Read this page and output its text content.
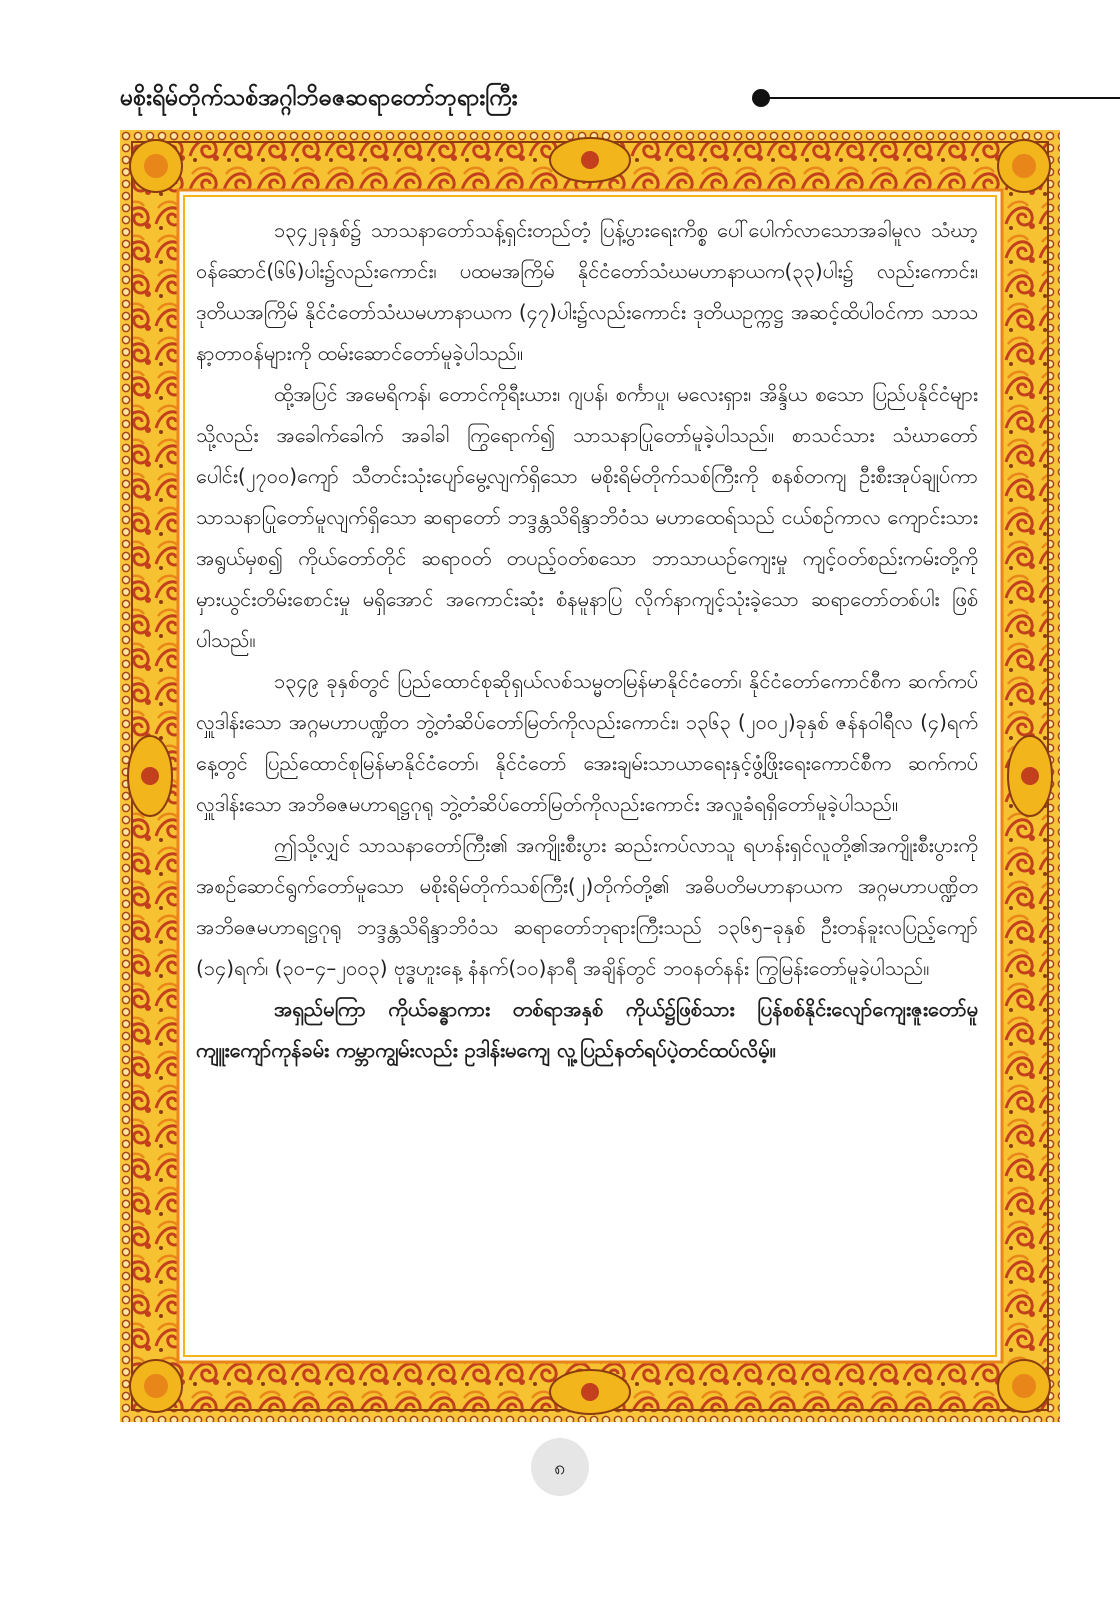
မစိုးရိမ်တိုက်သစ်အဂ္ဂါဘိဓဇဆရာတော်ဘုရားကြီး

၁၃၄၂ခုနှစ်၌ သာသနာတော်သန့်ရှင်းတည်တံ့ ပြန့်ပွားရေးကိစ္စ ပေါ်ပေါက်လာသောအခါမူလ သံဃာ့ဝန်ဆောင်(၆၆)ပါး၌လည်းကောင်း၊ ပထမအကြိမ် နိုင်ငံတော်သံဃမဟာနာယက(၃၃)ပါး၌ လည်းကောင်း၊ ဒုတိယအကြိမ် နိုင်ငံတော်သံဃမဟာနာယက (၄၇)ပါး၌လည်းကောင်း ဒုတိယဥက္ကဋ္ဌ အဆင့်ထိပါဝင်ကာ သာသနာ့တာဝန်များကို ထမ်းဆောင်တော်မူခဲ့ပါသည်။

ထို့အပြင် အမေရိကန်၊ တောင်ကိုရီးယား၊ ဂျပန်၊ စင်္ကာပူ၊ မလေးရှား၊ အိန္ဒိယ စသော ပြည်ပနိုင်ငံများသို့လည်း အခေါက်ခေါက် အခါခါ ကြွရောက်၍ သာသနာပြုတော်မူခဲ့ပါသည်။ စာသင်သား သံဃာတော်ပေါင်း(၂၇၀၀)ကျော် သီတင်းသုံးပျော်မွေ့လျက်ရှိသော မစိုးရိမ်တိုက်သစ်ကြီးကို စနစ်တကျ ဦးစီးအုပ်ချုပ်ကာ သာသနာပြုတော်မူလျက်ရှိသော ဆရာတော် ဘဒ္ဒန္တသိရိန္ဒာဘိဝံသ မဟာထေရ်သည် ငယ်စဉ်ကာလ ကျောင်းသားအရွယ်မှစ၍ ကိုယ်တော်တိုင် ဆရာဝတ် တပည့်ဝတ်စသော ဘာသာယဉ်ကျေးမှု ကျင့်ဝတ်စည်းကမ်းတို့ကို မှားယွင်းတိမ်းစောင်းမှု မရှိအောင် အကောင်းဆုံး စံနမူနာပြ လိုက်နာကျင့်သုံးခဲ့သော ဆရာတော်တစ်ပါး ဖြစ်ပါသည်။

၁၃၄၉ ခုနှစ်တွင် ပြည်ထောင်စုဆိုရှယ်လစ်သမ္မတမြန်မာနိုင်ငံတော်၊ နိုင်ငံတော်ကောင်စီက ဆက်ကပ်လှူဒါန်းသော အဂ္ဂမဟာပဏ္ဍိတ ဘွဲ့တံဆိပ်တော်မြတ်ကိုလည်းကောင်း၊ ၁၃၆၃ (၂၀၀၂)ခုနှစ် ဇန်နဝါရီလ (၄)ရက်နေ့တွင် ပြည်ထောင်စုမြန်မာနိုင်ငံတော်၊ နိုင်ငံတော် အေးချမ်းသာယာရေးနှင့်ဖွံ့ဖြိုးရေးကောင်စီက ဆက်ကပ်လှူဒါန်းသော အဘိဓဇမဟာရဋ္ဌဂုရု ဘွဲ့တံဆိပ်တော်မြတ်ကိုလည်းကောင်း အလှူခံရရှိတော်မူခဲ့ပါသည်။

ဤသို့လျှင် သာသနာတော်ကြီး၏ အကျိုးစီးပွား ဆည်းကပ်လာသူ ရဟန်းရှင်လူတို့၏အကျိုးစီးပွားကိုအစဉ်ဆောင်ရွက်တော်မူသော မစိုးရိမ်တိုက်သစ်ကြီး(၂)တိုက်တို့၏ အဓိပတိမဟာနာယက အဂ္ဂမဟာပဏ္ဍိတ အဘိဓဇမဟာရဋ္ဌဂုရု ဘဒ္ဒန္တသိရိန္ဒာဘိဝံသ ဆရာတော်ဘုရားကြီးသည် ၁၃၆၅–ခုနှစ် ဦးတန်ခူးလပြည့်ကျော် (၁၄)ရက်၊ (၃၀–၄–၂၀၀၃) ဗုဒ္ဓဟူးနေ့ နံနက်(၁၀)နာရီ အချိန်တွင် ဘဝနတ်နန်း ကြွမြန်းတော်မူခဲ့ပါသည်။

အရှည်မကြာ ကိုယ်ခန္ဓာကား တစ်ရာအနှစ် ကိုယ်၌ဖြစ်သား ပြန်စစ်နိုင်းလျော်ကျေးဇူးတော်မူ ကျူးကျော်ကုန်ခမ်း ကမ္ဘာကျွမ်းလည်း ဥဒါန်းမကျေ လူ့ပြည်နတ်ရပ်ပဲ့တင်ထပ်လိမ့်။

၈
